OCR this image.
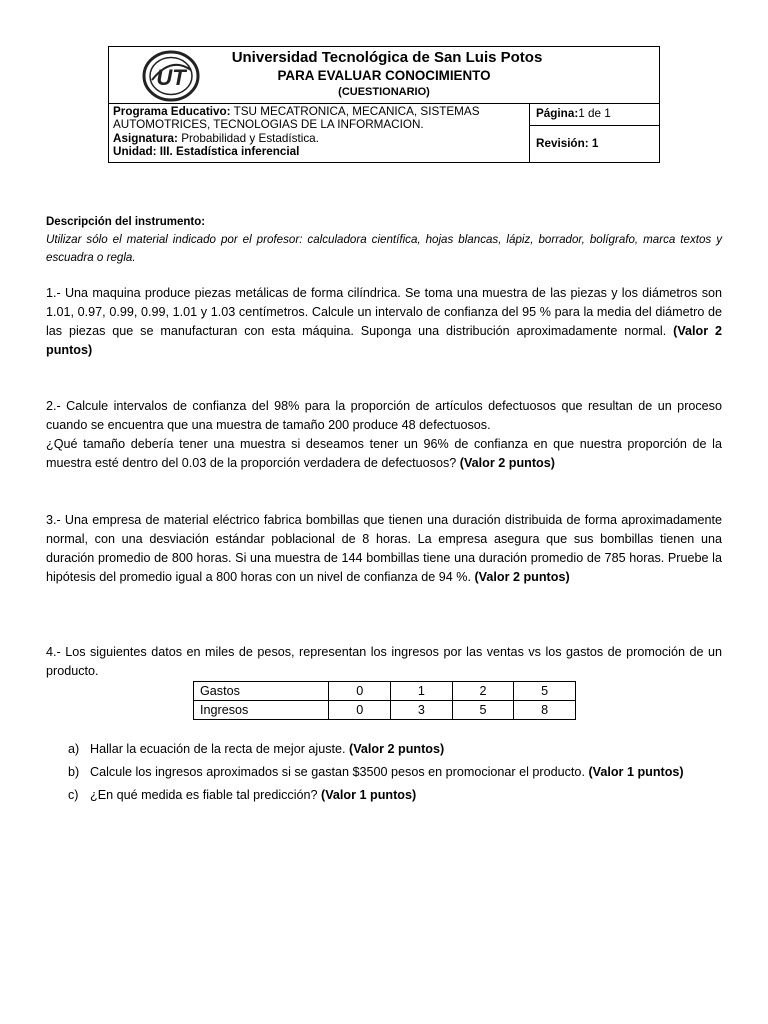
UT
Universidad Tecnológica de San Luis Potos
PARA EVALUAR CONOCIMIENTO
(CUESTIONARIO)
Programa Educativo: TSU MECATRONICA, MECANICA, SISTEMAS AUTOMOTRICES, TECNOLOGIAS DE LA INFORMACION.
Asignatura: Probabilidad y Estadística.
Unidad: III. Estadística inferencial
Página:1 de 1
Revisión: 1
Descripción del instrumento:
Utilizar sólo el material indicado por el profesor: calculadora científica, hojas blancas, lápiz, borrador, bolígrafo, marca textos y escuadra o regla.
1.- Una maquina produce piezas metálicas de forma cilíndrica. Se toma una muestra de las piezas y los diámetros son 1.01, 0.97, 0.99, 0.99, 1.01 y 1.03 centímetros. Calcule un intervalo de confianza del 95 % para la media del diámetro de las piezas que se manufacturan con esta máquina. Suponga una distribución aproximadamente normal. (Valor 2 puntos)
2.- Calcule intervalos de confianza del 98% para la proporción de artículos defectuosos que resultan de un proceso cuando se encuentra que una muestra de tamaño 200 produce 48 defectuosos.
¿Qué tamaño debería tener una muestra si deseamos tener un 96% de confianza en que nuestra proporción de la muestra esté dentro del 0.03 de la proporción verdadera de defectuosos? (Valor 2 puntos)
3.- Una empresa de material eléctrico fabrica bombillas que tienen una duración distribuida de forma aproximadamente normal, con una desviación estándar poblacional de 8 horas. La empresa asegura que sus bombillas tienen una duración promedio de 800 horas. Si una muestra de 144 bombillas tiene una duración promedio de 785 horas. Pruebe la hipótesis del promedio igual a 800 horas con un nivel de confianza de 94 %. (Valor 2 puntos)
4.- Los siguientes datos en miles de pesos, representan los ingresos por las ventas vs los gastos de promoción de un producto.
Gastos	0	1	2	5
Ingresos	0	3	5	8
a) Hallar la ecuación de la recta de mejor ajuste. (Valor 2 puntos)
b) Calcule los ingresos aproximados si se gastan $3500 pesos en promocionar el producto. (Valor 1 puntos)
c) ¿En qué medida es fiable tal predicción? (Valor 1 puntos)
